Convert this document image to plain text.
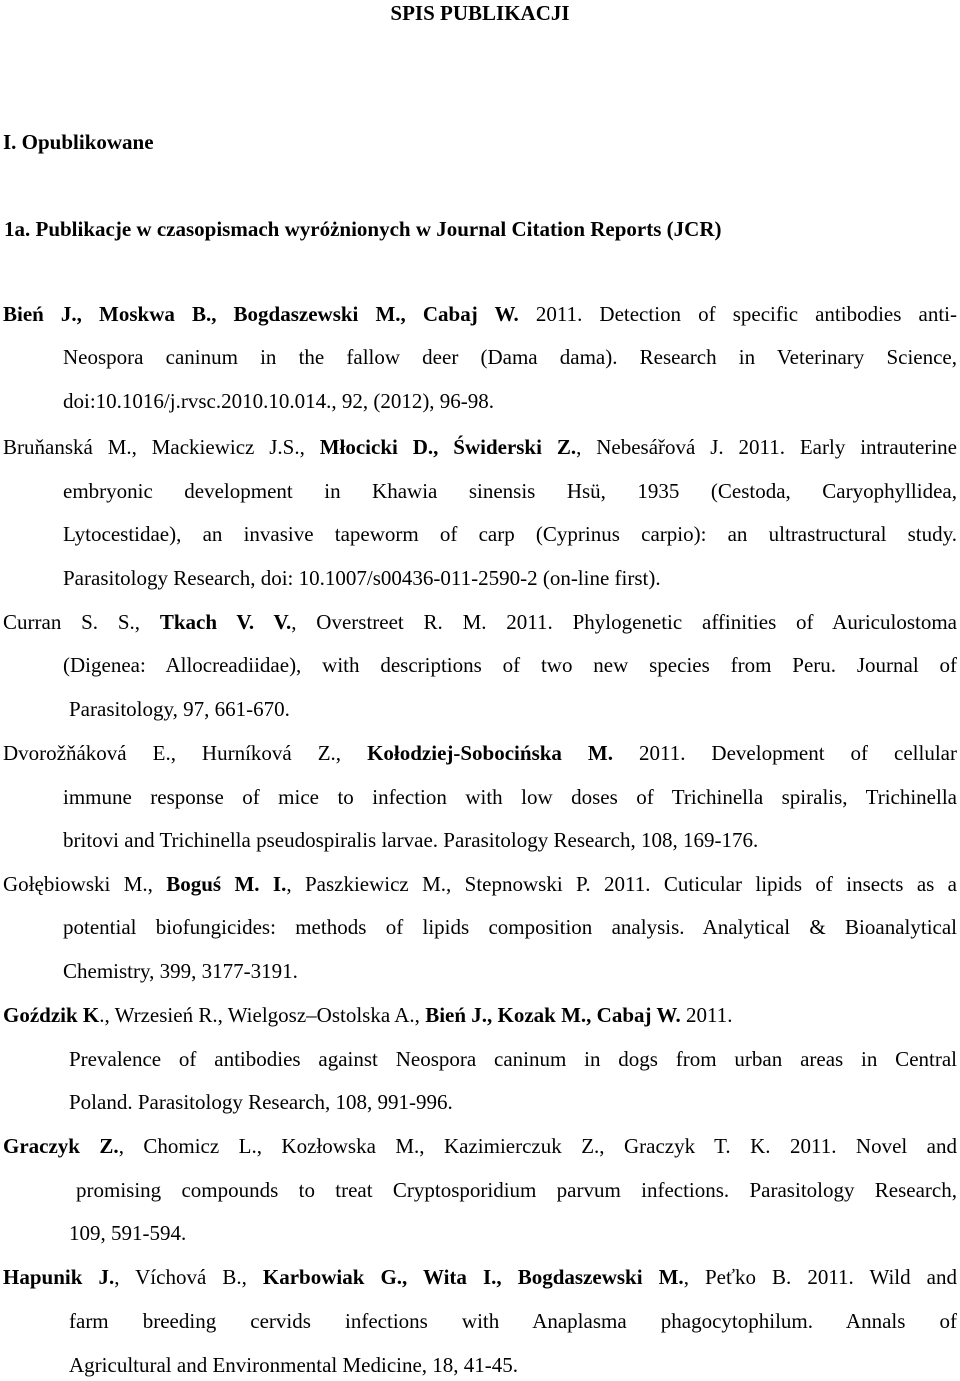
SPIS PUBLIKACJI
I. Opublikowane
1a. Publikacje w czasopismach wyróżnionych w Journal Citation Reports (JCR)
Bień J., Moskwa B., Bogdaszewski M., Cabaj W. 2011. Detection of specific antibodies anti-
Neospora caninum in the fallow deer (Dama dama). Research in Veterinary Science,
doi:10.1016/j.rvsc.2010.10.014., 92, (2012), 96-98.
Bruňanská M., Mackiewicz J.S., Młocicki D., Świderski Z., Nebesářová J. 2011. Early intrauterine
embryonic development in Khawia sinensis Hsü, 1935 (Cestoda, Caryophyllidea,
Lytocestidae), an invasive tapeworm of carp (Cyprinus carpio): an ultrastructural study.
Parasitology Research, doi: 10.1007/s00436-011-2590-2 (on-line first).
Curran S. S., Tkach V. V., Overstreet R. M. 2011. Phylogenetic affinities of Auriculostoma
(Digenea: Allocreadiidae), with descriptions of two new species from Peru. Journal of
Parasitology, 97, 661-670.
Dvorožňáková E., Hurníková Z., Kołodziej-Sobocińska M. 2011. Development of cellular
immune response of mice to infection with low doses of Trichinella spiralis, Trichinella
britovi and Trichinella pseudospiralis larvae. Parasitology Research, 108, 169-176.
Gołębiowski M., Boguś M. I., Paszkiewicz M., Stepnowski P. 2011. Cuticular lipids of insects as a
potential biofungicides: methods of lipids composition analysis. Analytical & Bioanalytical
Chemistry, 399, 3177-3191.
Goździk K., Wrzesień R., Wielgosz–Ostolska A., Bień J., Kozak M., Cabaj W. 2011.
Prevalence of antibodies against Neospora caninum in dogs from urban areas in Central
Poland. Parasitology Research, 108, 991-996.
Graczyk Z., Chomicz L., Kozłowska M., Kazimierczuk Z., Graczyk T. K. 2011. Novel and
promising compounds to treat Cryptosporidium parvum infections. Parasitology Research,
109, 591-594.
Hapunik J., Víchová B., Karbowiak G., Wita I., Bogdaszewski M., Peťko B. 2011. Wild and
farm breeding cervids infections with Anaplasma phagocytophilum. Annals of
Agricultural and Environmental Medicine, 18, 41-45.
